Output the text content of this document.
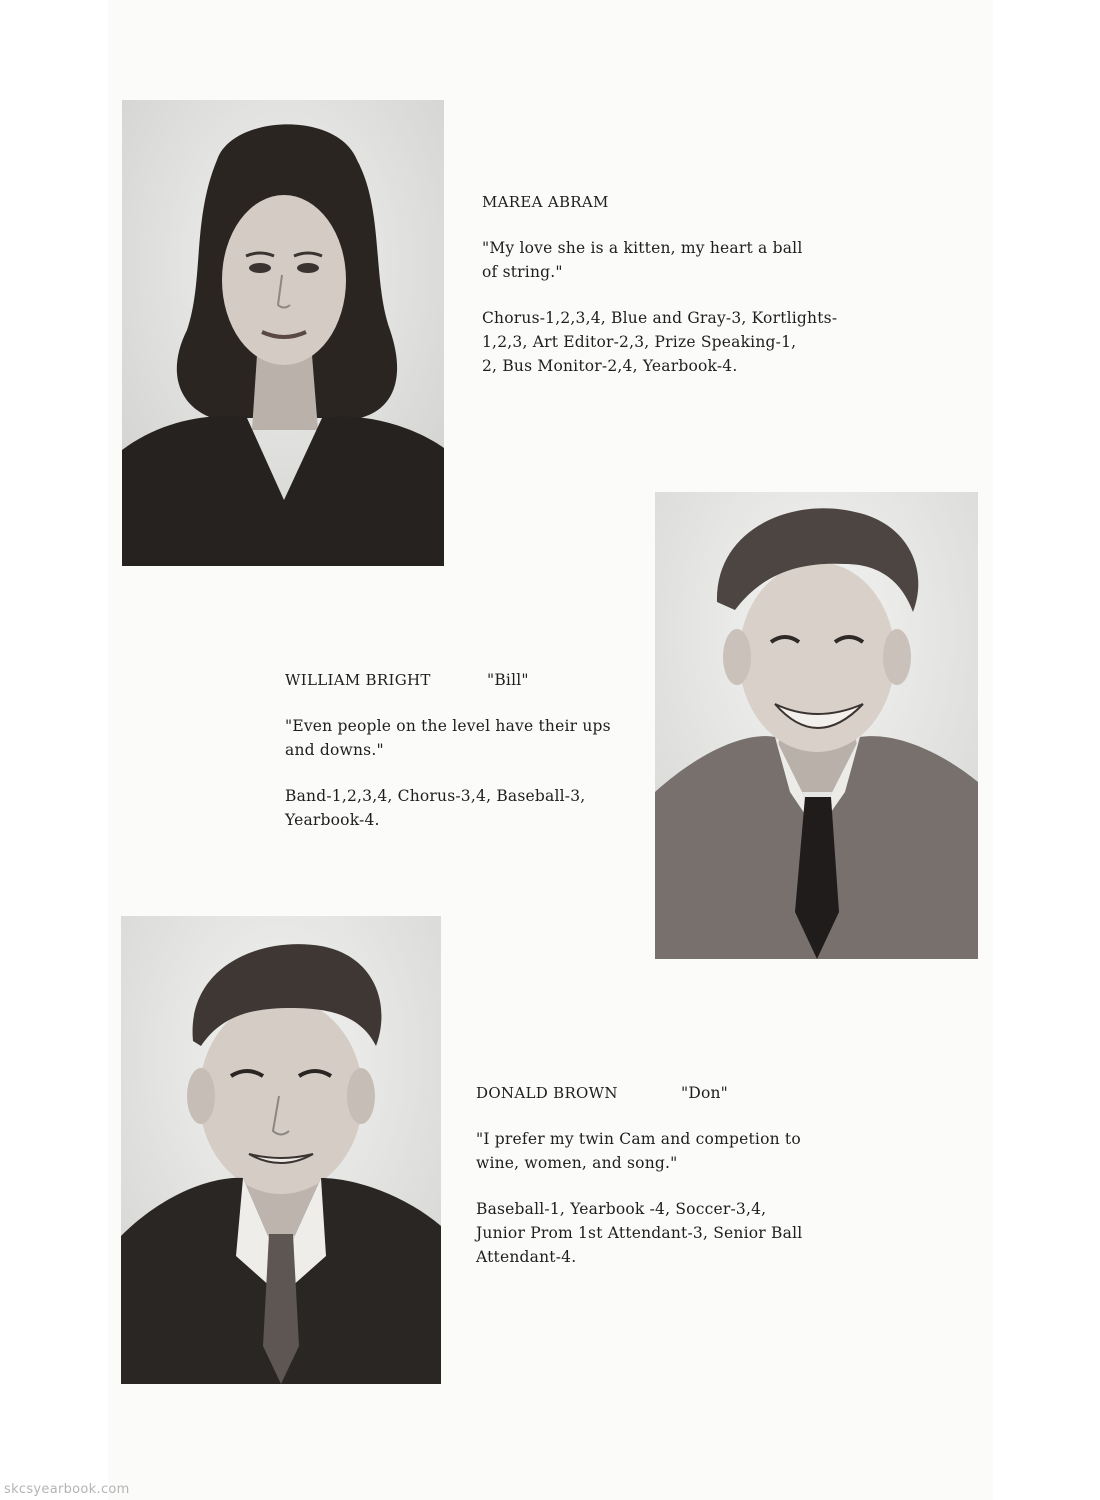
MAREA ABRAM

"My love she is a kitten, my heart a ball
of string."

Chorus-1,2,3,4, Blue and Gray-3, Kortlights-
1,2,3, Art Editor-2,3, Prize Speaking-1,
2, Bus Monitor-2,4, Yearbook-4.

WILLIAM BRIGHT	"Bill"

"Even people on the level have their ups
and downs."

Band-1,2,3,4, Chorus-3,4, Baseball-3,
Yearbook-4.

DONALD BROWN	"Don"

"I prefer my twin Cam and competion to
wine, women, and song."

Baseball-1, Yearbook -4, Soccer-3,4,
Junior Prom 1st Attendant-3, Senior Ball
Attendant-4.

skcsyearbook.com
